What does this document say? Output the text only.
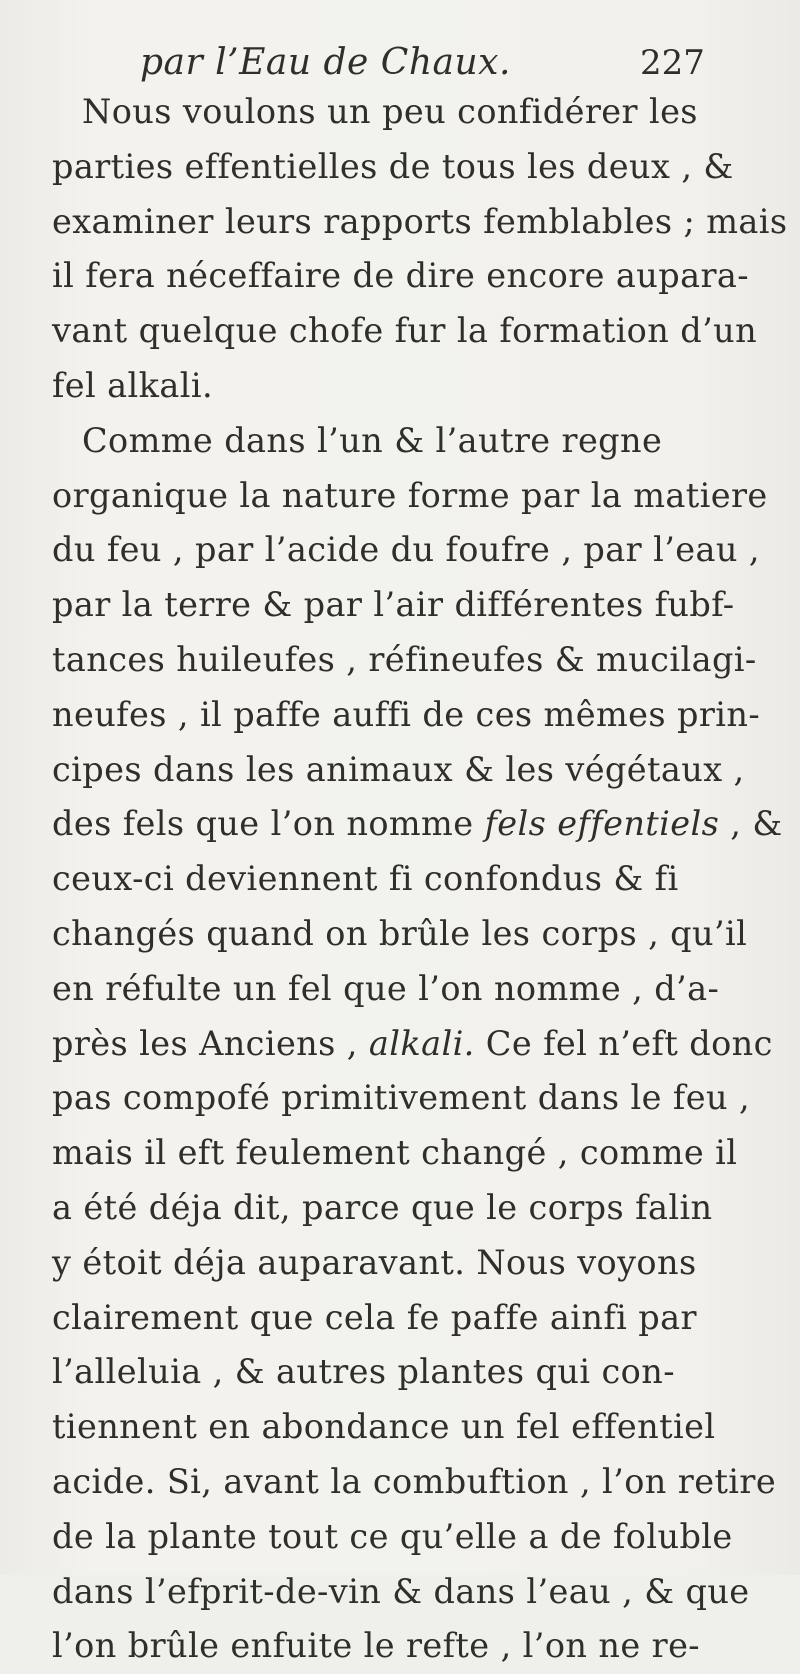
par l’Eau de Chaux.	227
Nous voulons un peu confidérer les
parties effentielles de tous les deux , &
examiner leurs rapports femblables ; mais
il fera néceffaire de dire encore aupara-
vant quelque chofe fur la formation d’un
fel alkali.
Comme dans l’un & l’autre regne
organique la nature forme par la matiere
du feu , par l’acide du foufre , par l’eau ,
par la terre & par l’air différentes fubf-
tances huileufes , réfineufes & mucilagi-
neufes , il paffe auffi de ces mêmes prin-
cipes dans les animaux & les végétaux ,
des fels que l’on nomme fels effentiels , &
ceux-ci deviennent fi confondus & fi
changés quand on brûle les corps , qu’il
en réfulte un fel que l’on nomme , d’a-
près les Anciens , alkali. Ce fel n’eft donc
pas compofé primitivement dans le feu ,
mais il eft feulement changé , comme il
a été déja dit, parce que le corps falin
y étoit déja auparavant. Nous voyons
clairement que cela fe paffe ainfi par
l’alleluia , & autres plantes qui con-
tiennent en abondance un fel effentiel
acide. Si, avant la combuftion , l’on retire
de la plante tout ce qu’elle a de foluble
dans l’efprit-de-vin & dans l’eau , & que
l’on brûle enfuite le refte , l’on ne re-
